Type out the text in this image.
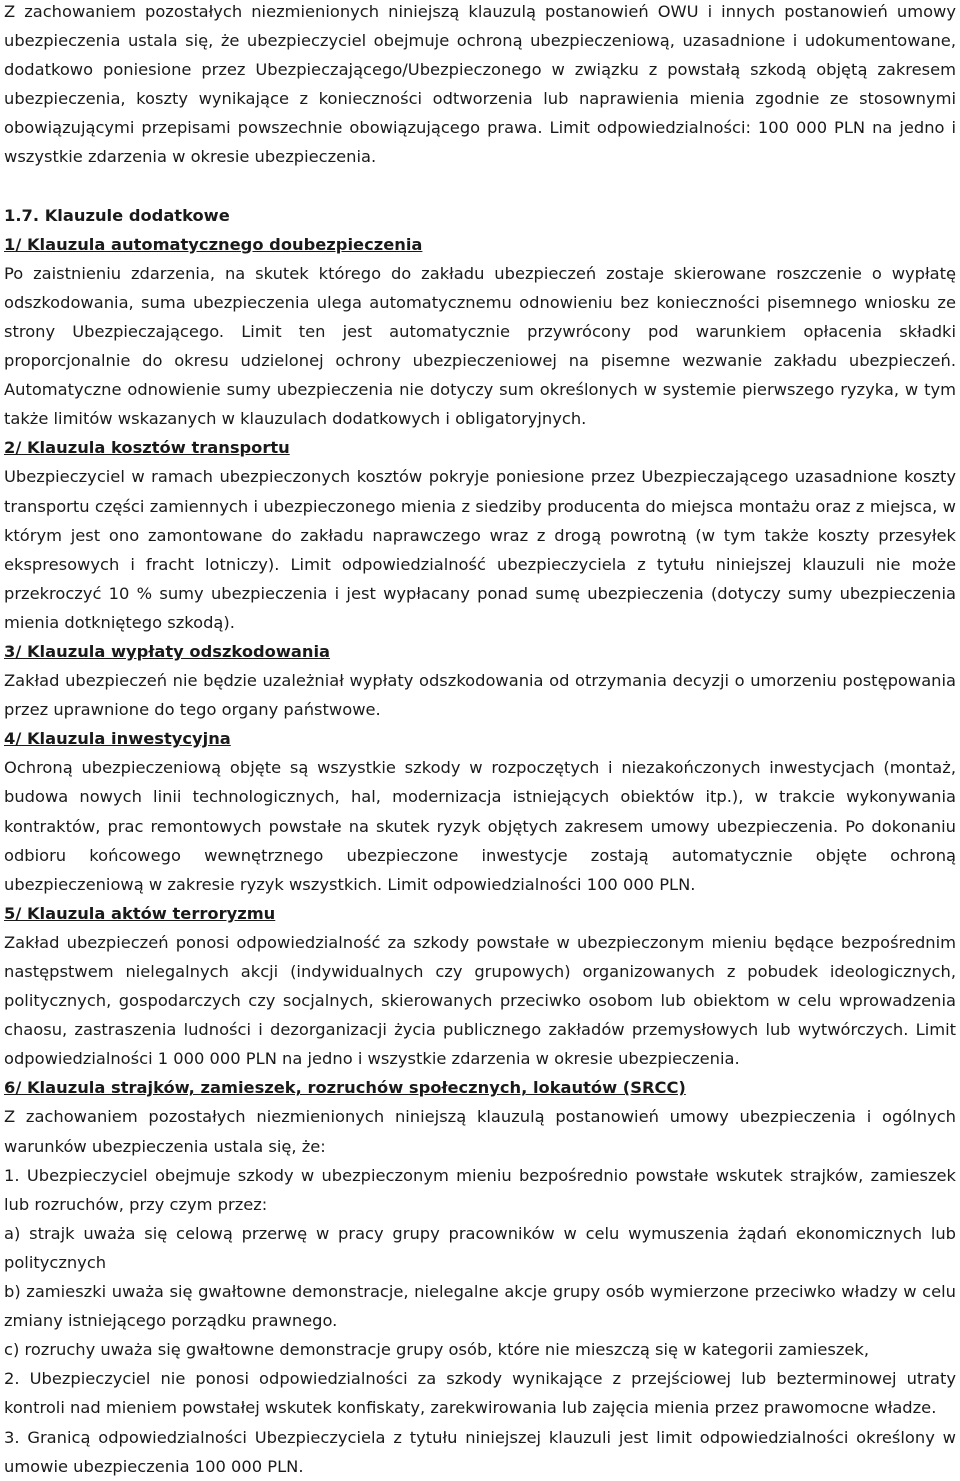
Z zachowaniem pozostałych niezmienionych niniejszą klauzulą postanowień OWU i innych postanowień umowy ubezpieczenia ustala się, że ubezpieczyciel obejmuje ochroną ubezpieczeniową, uzasadnione i udokumentowane, dodatkowo poniesione przez Ubezpieczającego/Ubezpieczonego w związku z powstałą szkodą objętą zakresem ubezpieczenia, koszty wynikające z konieczności odtworzenia lub naprawienia mienia zgodnie ze stosownymi obowiązującymi przepisami powszechnie obowiązującego prawa. Limit odpowiedzialności: 100 000 PLN na jedno i wszystkie zdarzenia w okresie ubezpieczenia.

1.7. Klauzule dodatkowe

1/ Klauzula automatycznego doubezpieczenia

Po zaistnieniu zdarzenia, na skutek którego do zakładu ubezpieczeń zostaje skierowane roszczenie o wypłatę odszkodowania, suma ubezpieczenia ulega automatycznemu odnowieniu bez konieczności pisemnego wniosku ze strony Ubezpieczającego. Limit ten jest automatycznie przywrócony pod warunkiem opłacenia składki proporcjonalnie do okresu udzielonej ochrony ubezpieczeniowej na pisemne wezwanie zakładu ubezpieczeń. Automatyczne odnowienie sumy ubezpieczenia nie dotyczy sum określonych w systemie pierwszego ryzyka, w tym także limitów wskazanych w klauzulach dodatkowych i obligatoryjnych.

2/ Klauzula kosztów transportu

Ubezpieczyciel w ramach ubezpieczonych kosztów pokryje poniesione przez Ubezpieczającego uzasadnione koszty transportu części zamiennych i ubezpieczonego mienia z siedziby producenta do miejsca montażu oraz z miejsca, w którym jest ono zamontowane do zakładu naprawczego wraz z drogą powrotną (w tym także koszty przesyłek ekspresowych i fracht lotniczy). Limit odpowiedzialność ubezpieczyciela z tytułu niniejszej klauzuli nie może przekroczyć 10 % sumy ubezpieczenia i jest wypłacany ponad sumę ubezpieczenia (dotyczy sumy ubezpieczenia mienia dotkniętego szkodą).

3/ Klauzula wypłaty odszkodowania

Zakład ubezpieczeń nie będzie uzależniał wypłaty odszkodowania od otrzymania decyzji o umorzeniu postępowania przez uprawnione do tego organy państwowe.

4/ Klauzula inwestycyjna

Ochroną ubezpieczeniową objęte są wszystkie szkody w rozpoczętych i niezakończonych inwestycjach (montaż, budowa nowych linii technologicznych, hal, modernizacja istniejących obiektów itp.), w trakcie wykonywania kontraktów, prac remontowych powstałe na skutek ryzyk objętych zakresem umowy ubezpieczenia. Po dokonaniu odbioru końcowego wewnętrznego ubezpieczone inwestycje zostają automatycznie objęte ochroną ubezpieczeniową w zakresie ryzyk wszystkich. Limit odpowiedzialności 100 000 PLN.

5/ Klauzula aktów terroryzmu

Zakład ubezpieczeń ponosi odpowiedzialność za szkody powstałe w ubezpieczonym mieniu będące bezpośrednim następstwem nielegalnych akcji (indywidualnych czy grupowych) organizowanych z pobudek ideologicznych, politycznych, gospodarczych czy socjalnych, skierowanych przeciwko osobom lub obiektom w celu wprowadzenia chaosu, zastraszenia ludności i dezorganizacji życia publicznego zakładów przemysłowych lub wytwórczych. Limit odpowiedzialności 1 000 000 PLN na jedno i wszystkie zdarzenia w okresie ubezpieczenia.

6/ Klauzula strajków, zamieszek, rozruchów społecznych, lokautów (SRCC)

Z zachowaniem pozostałych niezmienionych niniejszą klauzulą postanowień umowy ubezpieczenia i ogólnych warunków ubezpieczenia ustala się, że:

1. Ubezpieczyciel obejmuje szkody w ubezpieczonym mieniu bezpośrednio powstałe wskutek strajków, zamieszek lub rozruchów, przy czym przez:

a) strajk uważa się celową przerwę w pracy grupy pracowników w celu wymuszenia żądań ekonomicznych lub politycznych

b) zamieszki uważa się gwałtowne demonstracje, nielegalne akcje grupy osób wymierzone przeciwko władzy w celu zmiany istniejącego porządku prawnego.

c) rozruchy uważa się gwałtowne demonstracje grupy osób, które nie mieszczą się w kategorii zamieszek,

2. Ubezpieczyciel nie ponosi odpowiedzialności za szkody wynikające z przejściowej lub bezterminowej utraty kontroli nad mieniem powstałej wskutek konfiskaty, zarekwirowania lub zajęcia mienia przez prawomocne władze.

3. Granicą odpowiedzialności Ubezpieczyciela z tytułu niniejszej klauzuli jest limit odpowiedzialności określony w umowie ubezpieczenia 100 000 PLN.
